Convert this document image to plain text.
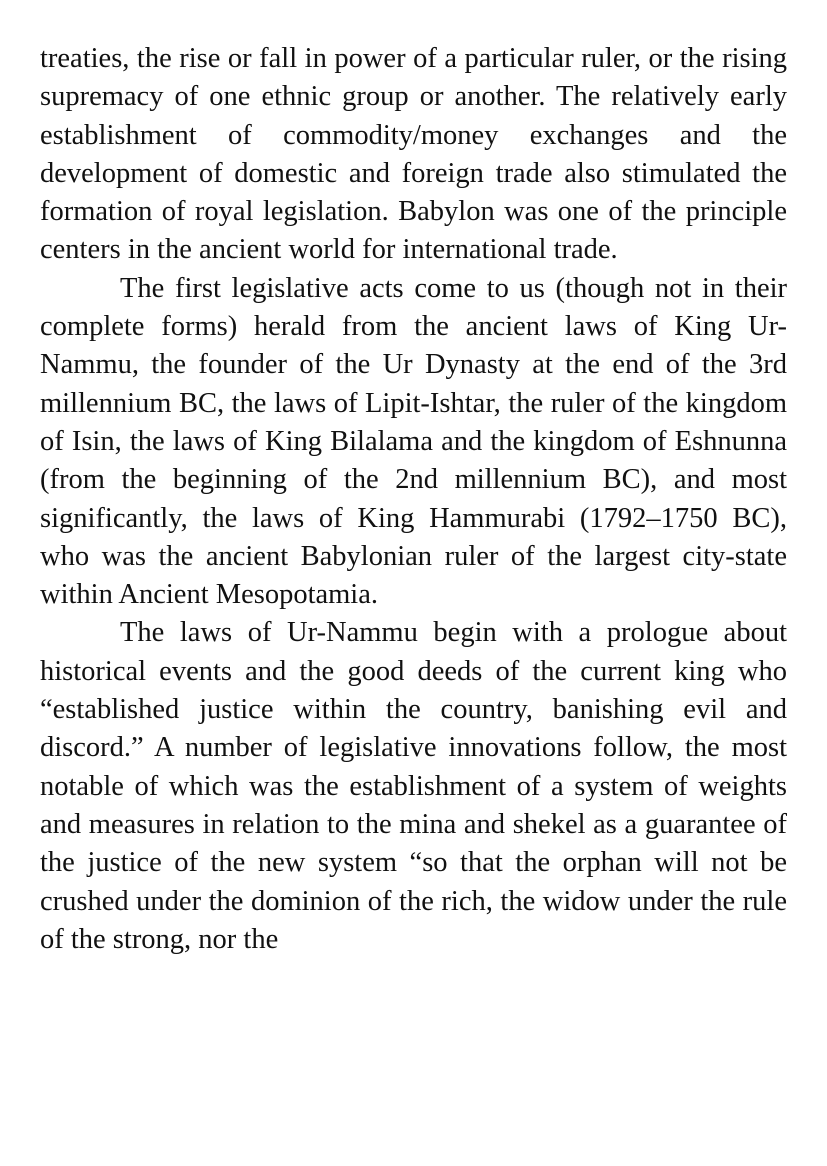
treaties, the rise or fall in power of a particular ruler, or the rising supremacy of one ethnic group or another. The relatively early establishment of commodity/money exchanges and the development of domestic and foreign trade also stimulated the formation of royal legislation. Babylon was one of the principle centers in the ancient world for international trade.

The first legislative acts come to us (though not in their complete forms) herald from the ancient laws of King Ur-Nammu, the founder of the Ur Dynasty at the end of the 3rd millennium BC, the laws of Lipit-Ishtar, the ruler of the kingdom of Isin, the laws of King Bilalama and the kingdom of Eshnunna (from the beginning of the 2nd millennium BC), and most significantly, the laws of King Hammurabi (1792–1750 BC), who was the ancient Babylonian ruler of the largest city-state within Ancient Mesopotamia.

The laws of Ur-Nammu begin with a prologue about historical events and the good deeds of the current king who “established justice within the country, banishing evil and discord.” A number of legislative innovations follow, the most notable of which was the establishment of a system of weights and measures in relation to the mina and shekel as a guarantee of the justice of the new system “so that the orphan will not be crushed under the dominion of the rich, the widow under the rule of the strong, nor the
